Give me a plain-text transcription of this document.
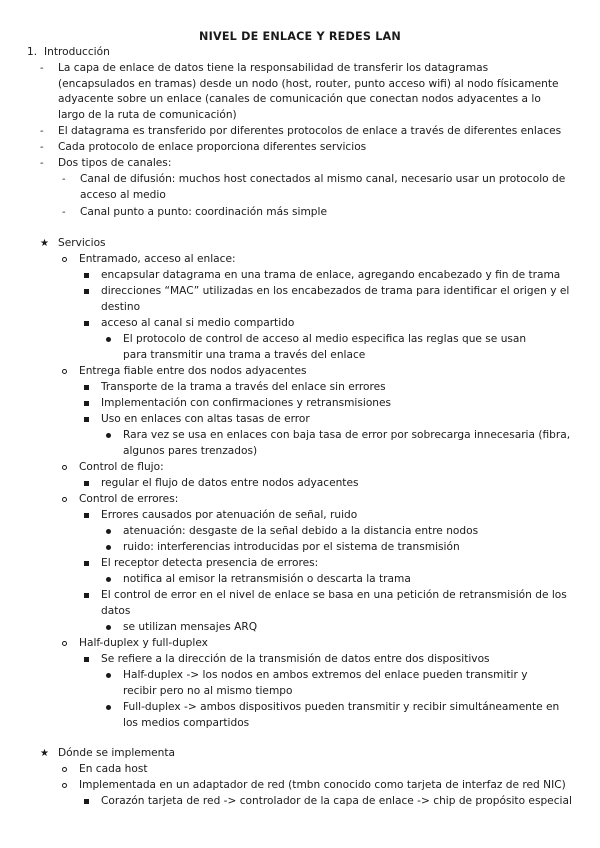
NIVEL DE ENLACE Y REDES LAN
1. Introducción
- La capa de enlace de datos tiene la responsabilidad de transferir los datagramas (encapsulados en tramas) desde un nodo (host, router, punto acceso wifi) al nodo físicamente adyacente sobre un enlace (canales de comunicación que conectan nodos adyacentes a lo largo de la ruta de comunicación)
- El datagrama es transferido por diferentes protocolos de enlace a través de diferentes enlaces
- Cada protocolo de enlace proporciona diferentes servicios
- Dos tipos de canales:
- Canal de difusión: muchos host conectados al mismo canal, necesario usar un protocolo de acceso al medio
- Canal punto a punto: coordinación más simple
★ Servicios
Entramado, acceso al enlace:
encapsular datagrama en una trama de enlace, agregando encabezado y fin de trama
direcciones “MAC” utilizadas en los encabezados de trama para identificar el origen y el destino
acceso al canal si medio compartido
El protocolo de control de acceso al medio especifica las reglas que se usan para transmitir una trama a través del enlace
Entrega fiable entre dos nodos adyacentes
Transporte de la trama a través del enlace sin errores
Implementación con confirmaciones y retransmisiones
Uso en enlaces con altas tasas de error
Rara vez se usa en enlaces con baja tasa de error por sobrecarga innecesaria (fibra, algunos pares trenzados)
Control de flujo:
regular el flujo de datos entre nodos adyacentes
Control de errores:
Errores causados por atenuación de señal, ruido
atenuación: desgaste de la señal debido a la distancia entre nodos
ruido: interferencias introducidas por el sistema de transmisión
El receptor detecta presencia de errores:
notifica al emisor la retransmisión o descarta la trama
El control de error en el nivel de enlace se basa en una petición de retransmisión de los datos
se utilizan mensajes ARQ
Half-duplex y full-duplex
Se refiere a la dirección de la transmisión de datos entre dos dispositivos
Half-duplex -> los nodos en ambos extremos del enlace pueden transmitir y recibir pero no al mismo tiempo
Full-duplex -> ambos dispositivos pueden transmitir y recibir simultáneamente en los medios compartidos
★ Dónde se implementa
En cada host
Implementada en un adaptador de red (tmbn conocido como tarjeta de interfaz de red NIC)
Corazón tarjeta de red -> controlador de la capa de enlace -> chip de propósito especial
